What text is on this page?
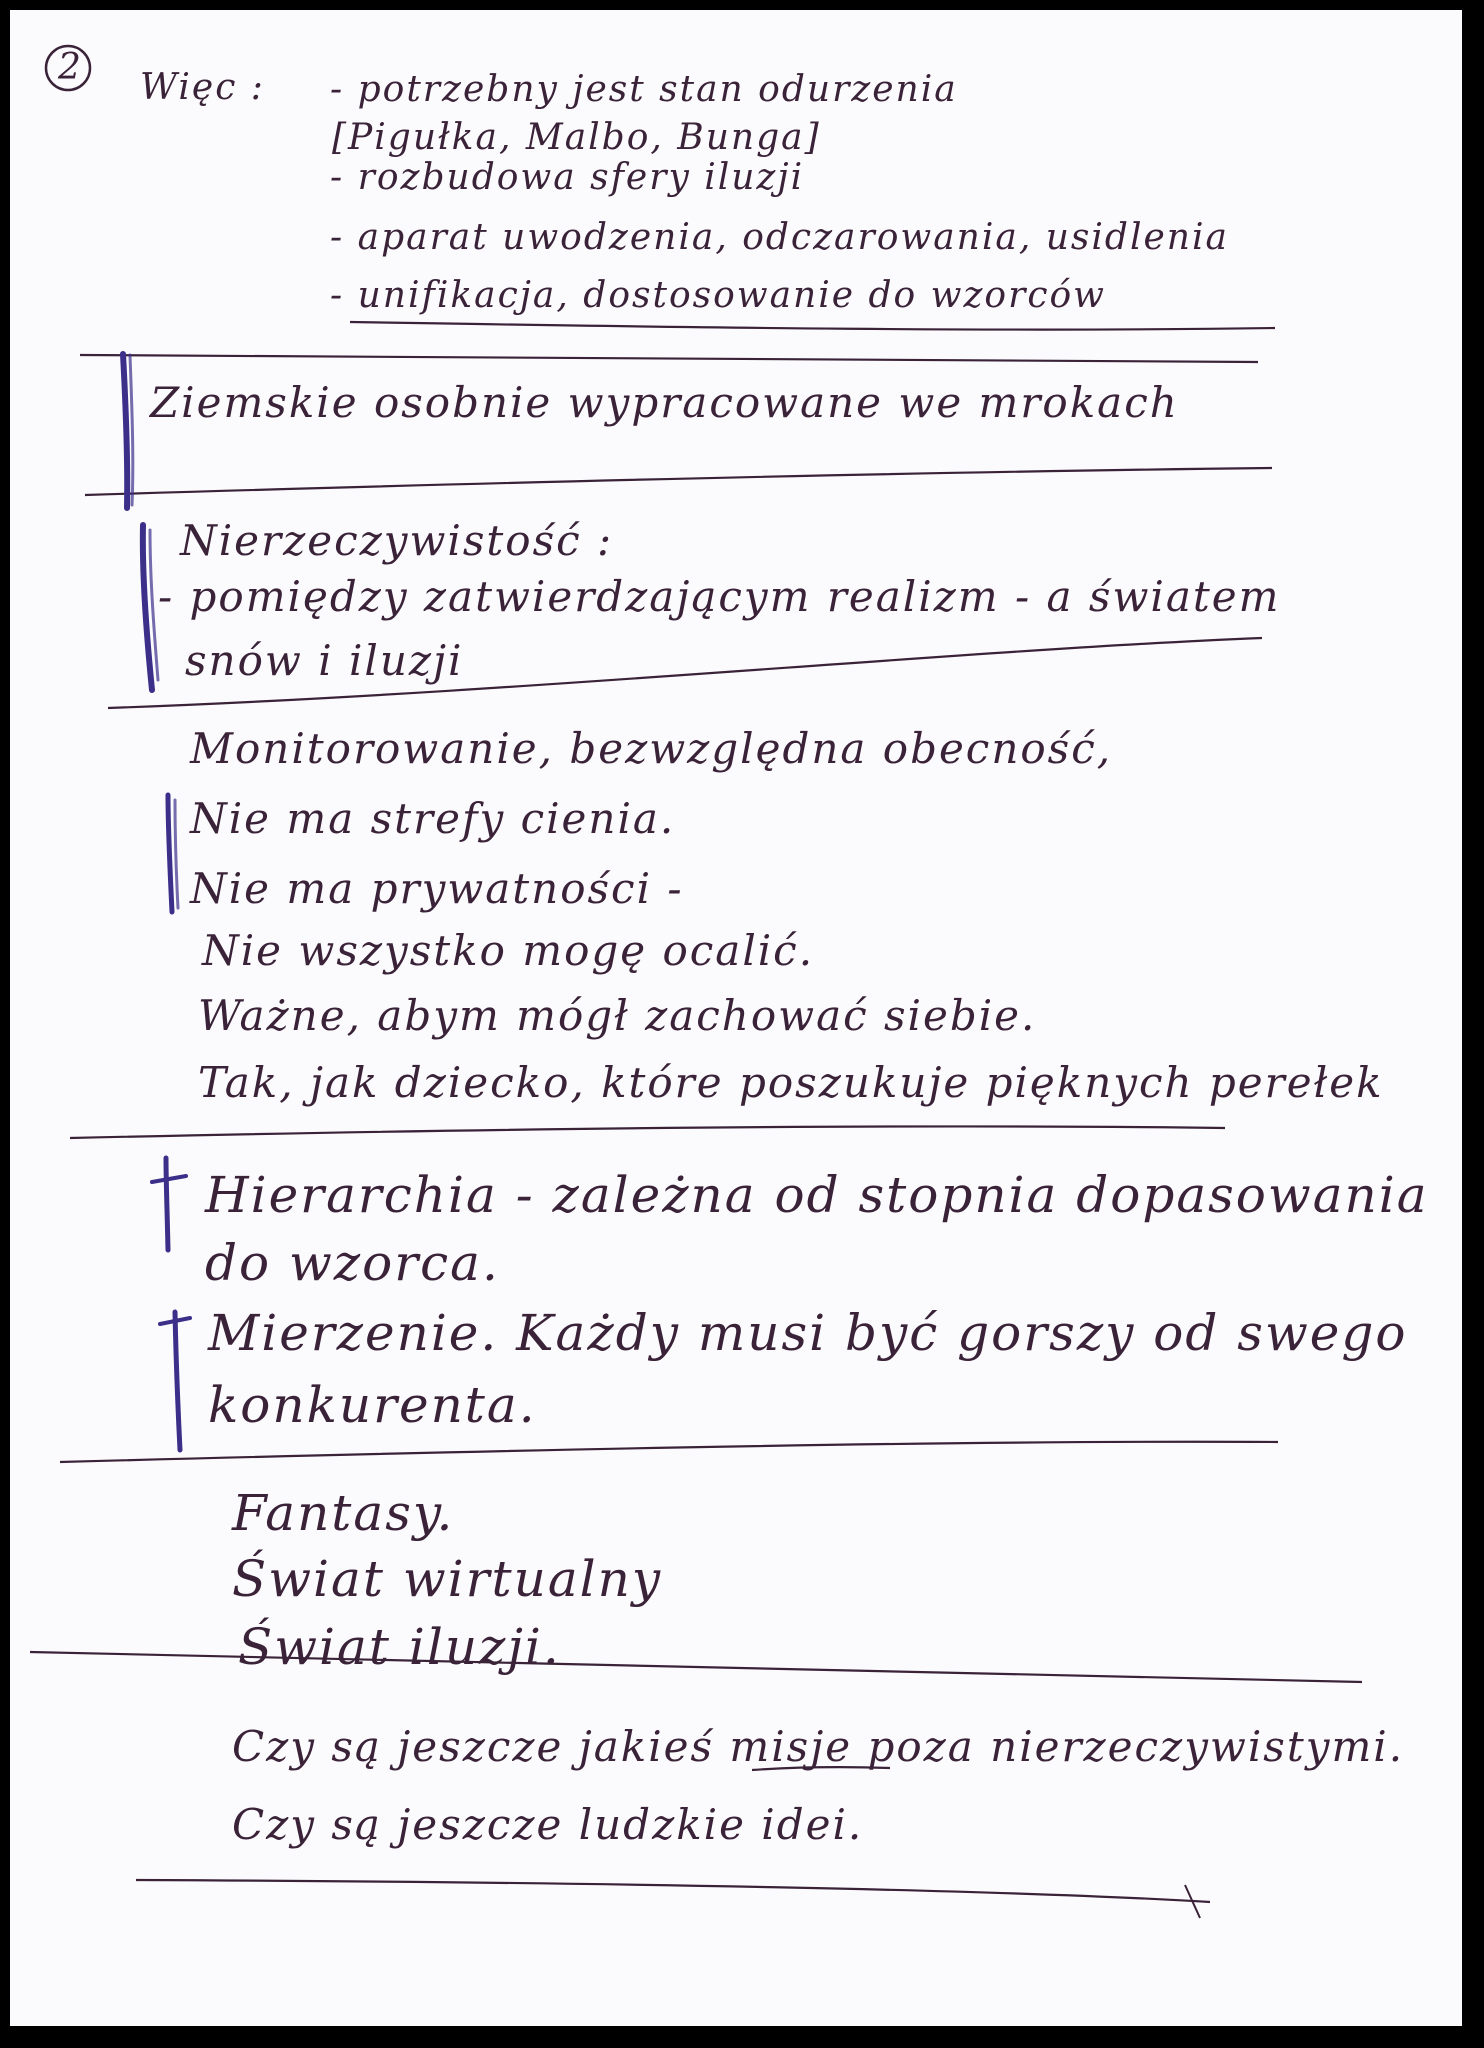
2 Więc : - potrzebny jest stan odurzenia
[Pigułka, Malbo, Bunga]
- rozbudowa sfery iluzji
- aparat uwodzenia, odczarowania, usidlenia
- unifikacja, dostosowanie do wzorców
Ziemskie osobnie wypracowane we mrokach
Nierzeczywistość :
- pomiędzy zatwierdzającym realizm - a światem
snów i iluzji
Monitorowanie, bezwzględna obecność,
Nie ma strefy cienia.
Nie ma prywatności -
Nie wszystko mogę ocalić.
Ważne, abym mógł zachować siebie.
Tak, jak dziecko, które poszukuje pięknych perełek
Hierarchia - zależna od stopnia dopasowania
do wzorca.
Mierzenie. Każdy musi być gorszy od swego
konkurenta.
Fantasy.
Świat wirtualny
Świat iluzji.
Czy są jeszcze jakieś misje poza nierzeczywistymi.
Czy są jeszcze ludzkie idei.
